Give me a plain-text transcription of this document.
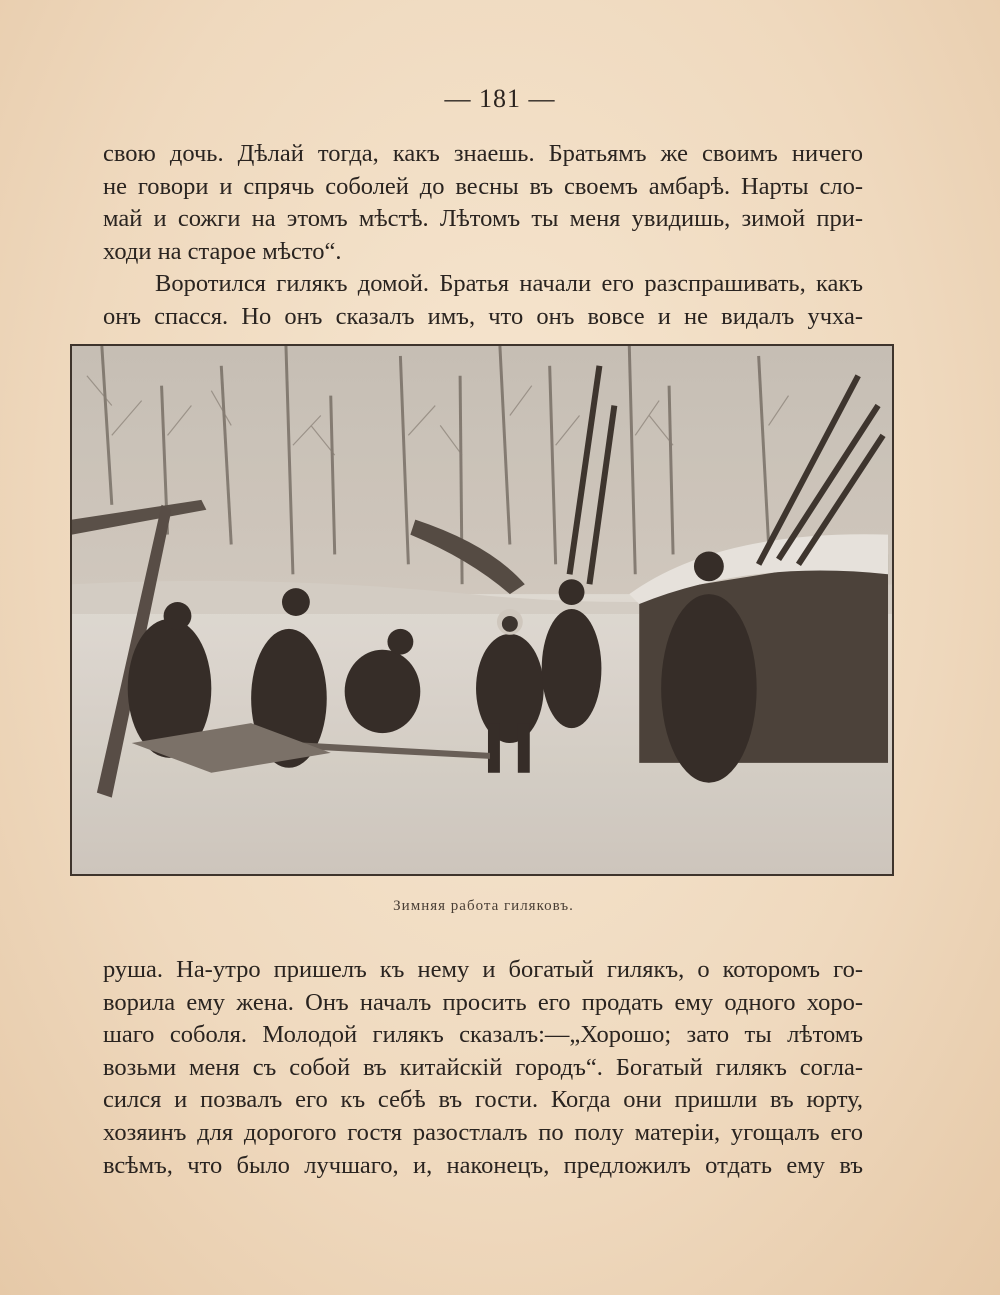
— 181 —
свою дочь. Дѣлай тогда, какъ знаешь. Братьямъ же своимъ ничего
не говори и спрячь соболей до весны въ своемъ амбарѣ. Нарты сло-
май и сожги на этомъ мѣстѣ. Лѣтомъ ты меня увидишь, зимой при-
ходи на старое мѣсто“.
Воротился гилякъ домой. Братья начали его разспрашивать, какъ
онъ спасся. Но онъ сказалъ имъ, что онъ вовсе и не видалъ учха-
Зимняя работа гиляковъ.
руша. На-утро пришелъ къ нему и богатый гилякъ, о которомъ го-
ворила ему жена. Онъ началъ просить его продать ему одного хоро-
шаго соболя. Молодой гилякъ сказалъ:—„Хорошо; зато ты лѣтомъ
возьми меня съ собой въ китайскій городъ“. Богатый гилякъ согла-
сился и позвалъ его къ себѣ въ гости. Когда они пришли въ юрту,
хозяинъ для дорогого гостя разостлалъ по полу матеріи, угощалъ его
всѣмъ, что было лучшаго, и, наконецъ, предложилъ отдать ему въ
